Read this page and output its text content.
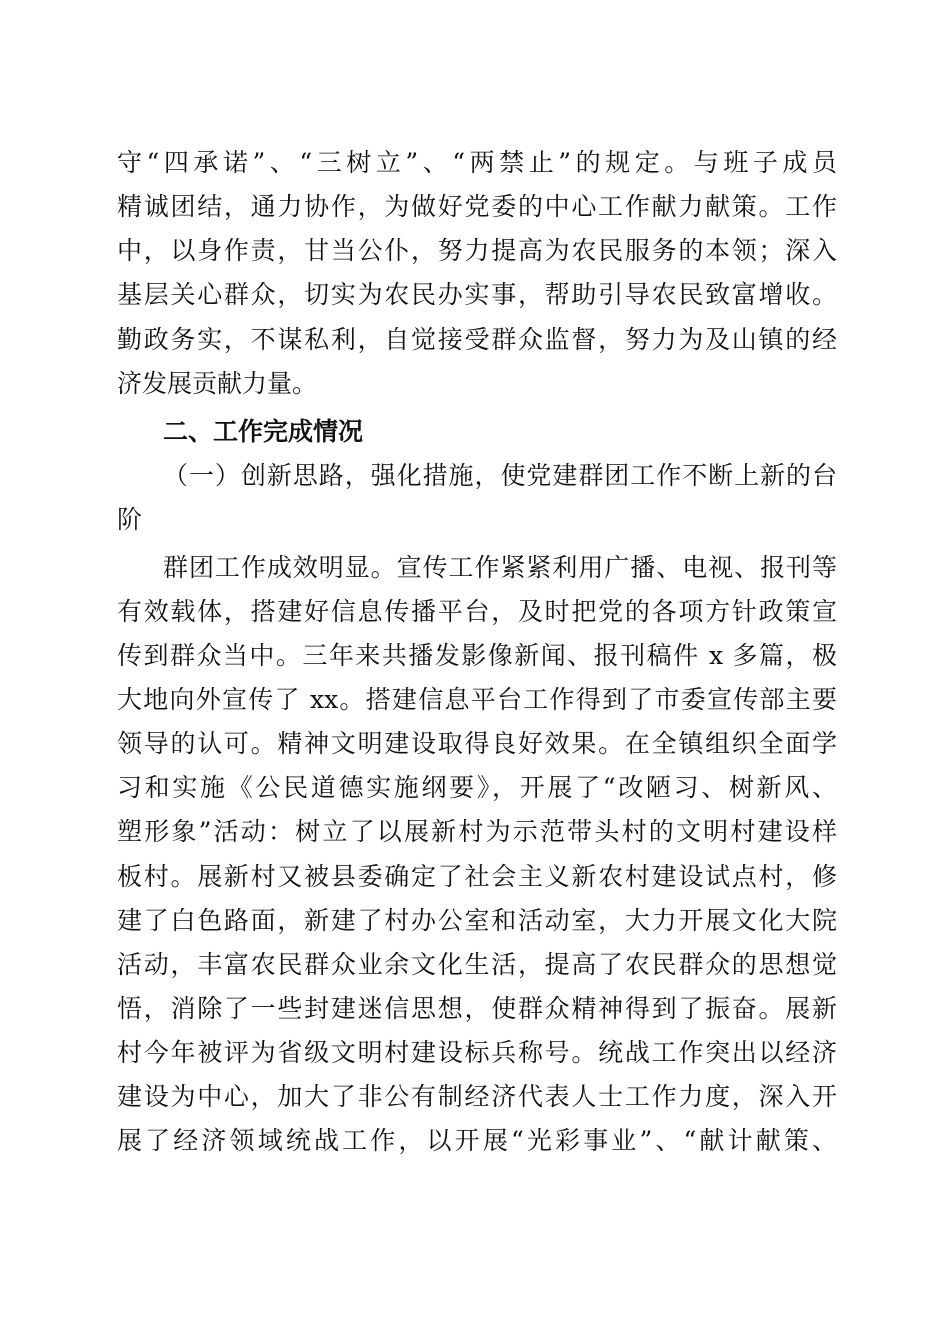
守“四承诺”、“三树立”、“两禁止”的规定。与班子成员
精诚团结，通力协作，为做好党委的中心工作献力献策。工作
中，以身作责，甘当公仆，努力提高为农民服务的本领；深入
基层关心群众，切实为农民办实事，帮助引导农民致富增收。
勤政务实，不谋私利，自觉接受群众监督，努力为及山镇的经
济发展贡献力量。
二、工作完成情况
（一）创新思路，强化措施，使党建群团工作不断上新的台
阶
群团工作成效明显。宣传工作紧紧利用广播、电视、报刊等
有效载体，搭建好信息传播平台，及时把党的各项方针政策宣
传到群众当中。三年来共播发影像新闻、报刊稿件 x 多篇，极
大地向外宣传了 xx。搭建信息平台工作得到了市委宣传部主要
领导的认可。精神文明建设取得良好效果。在全镇组织全面学
习和实施《公民道德实施纲要》，开展了“改陋习、树新风、
塑形象”活动：树立了以展新村为示范带头村的文明村建设样
板村。展新村又被县委确定了社会主义新农村建设试点村，修
建了白色路面，新建了村办公室和活动室，大力开展文化大院
活动，丰富农民群众业余文化生活，提高了农民群众的思想觉
悟，消除了一些封建迷信思想，使群众精神得到了振奋。展新
村今年被评为省级文明村建设标兵称号。统战工作突出以经济
建设为中心，加大了非公有制经济代表人士工作力度，深入开
展了经济领域统战工作，以开展“光彩事业”、“献计献策、
